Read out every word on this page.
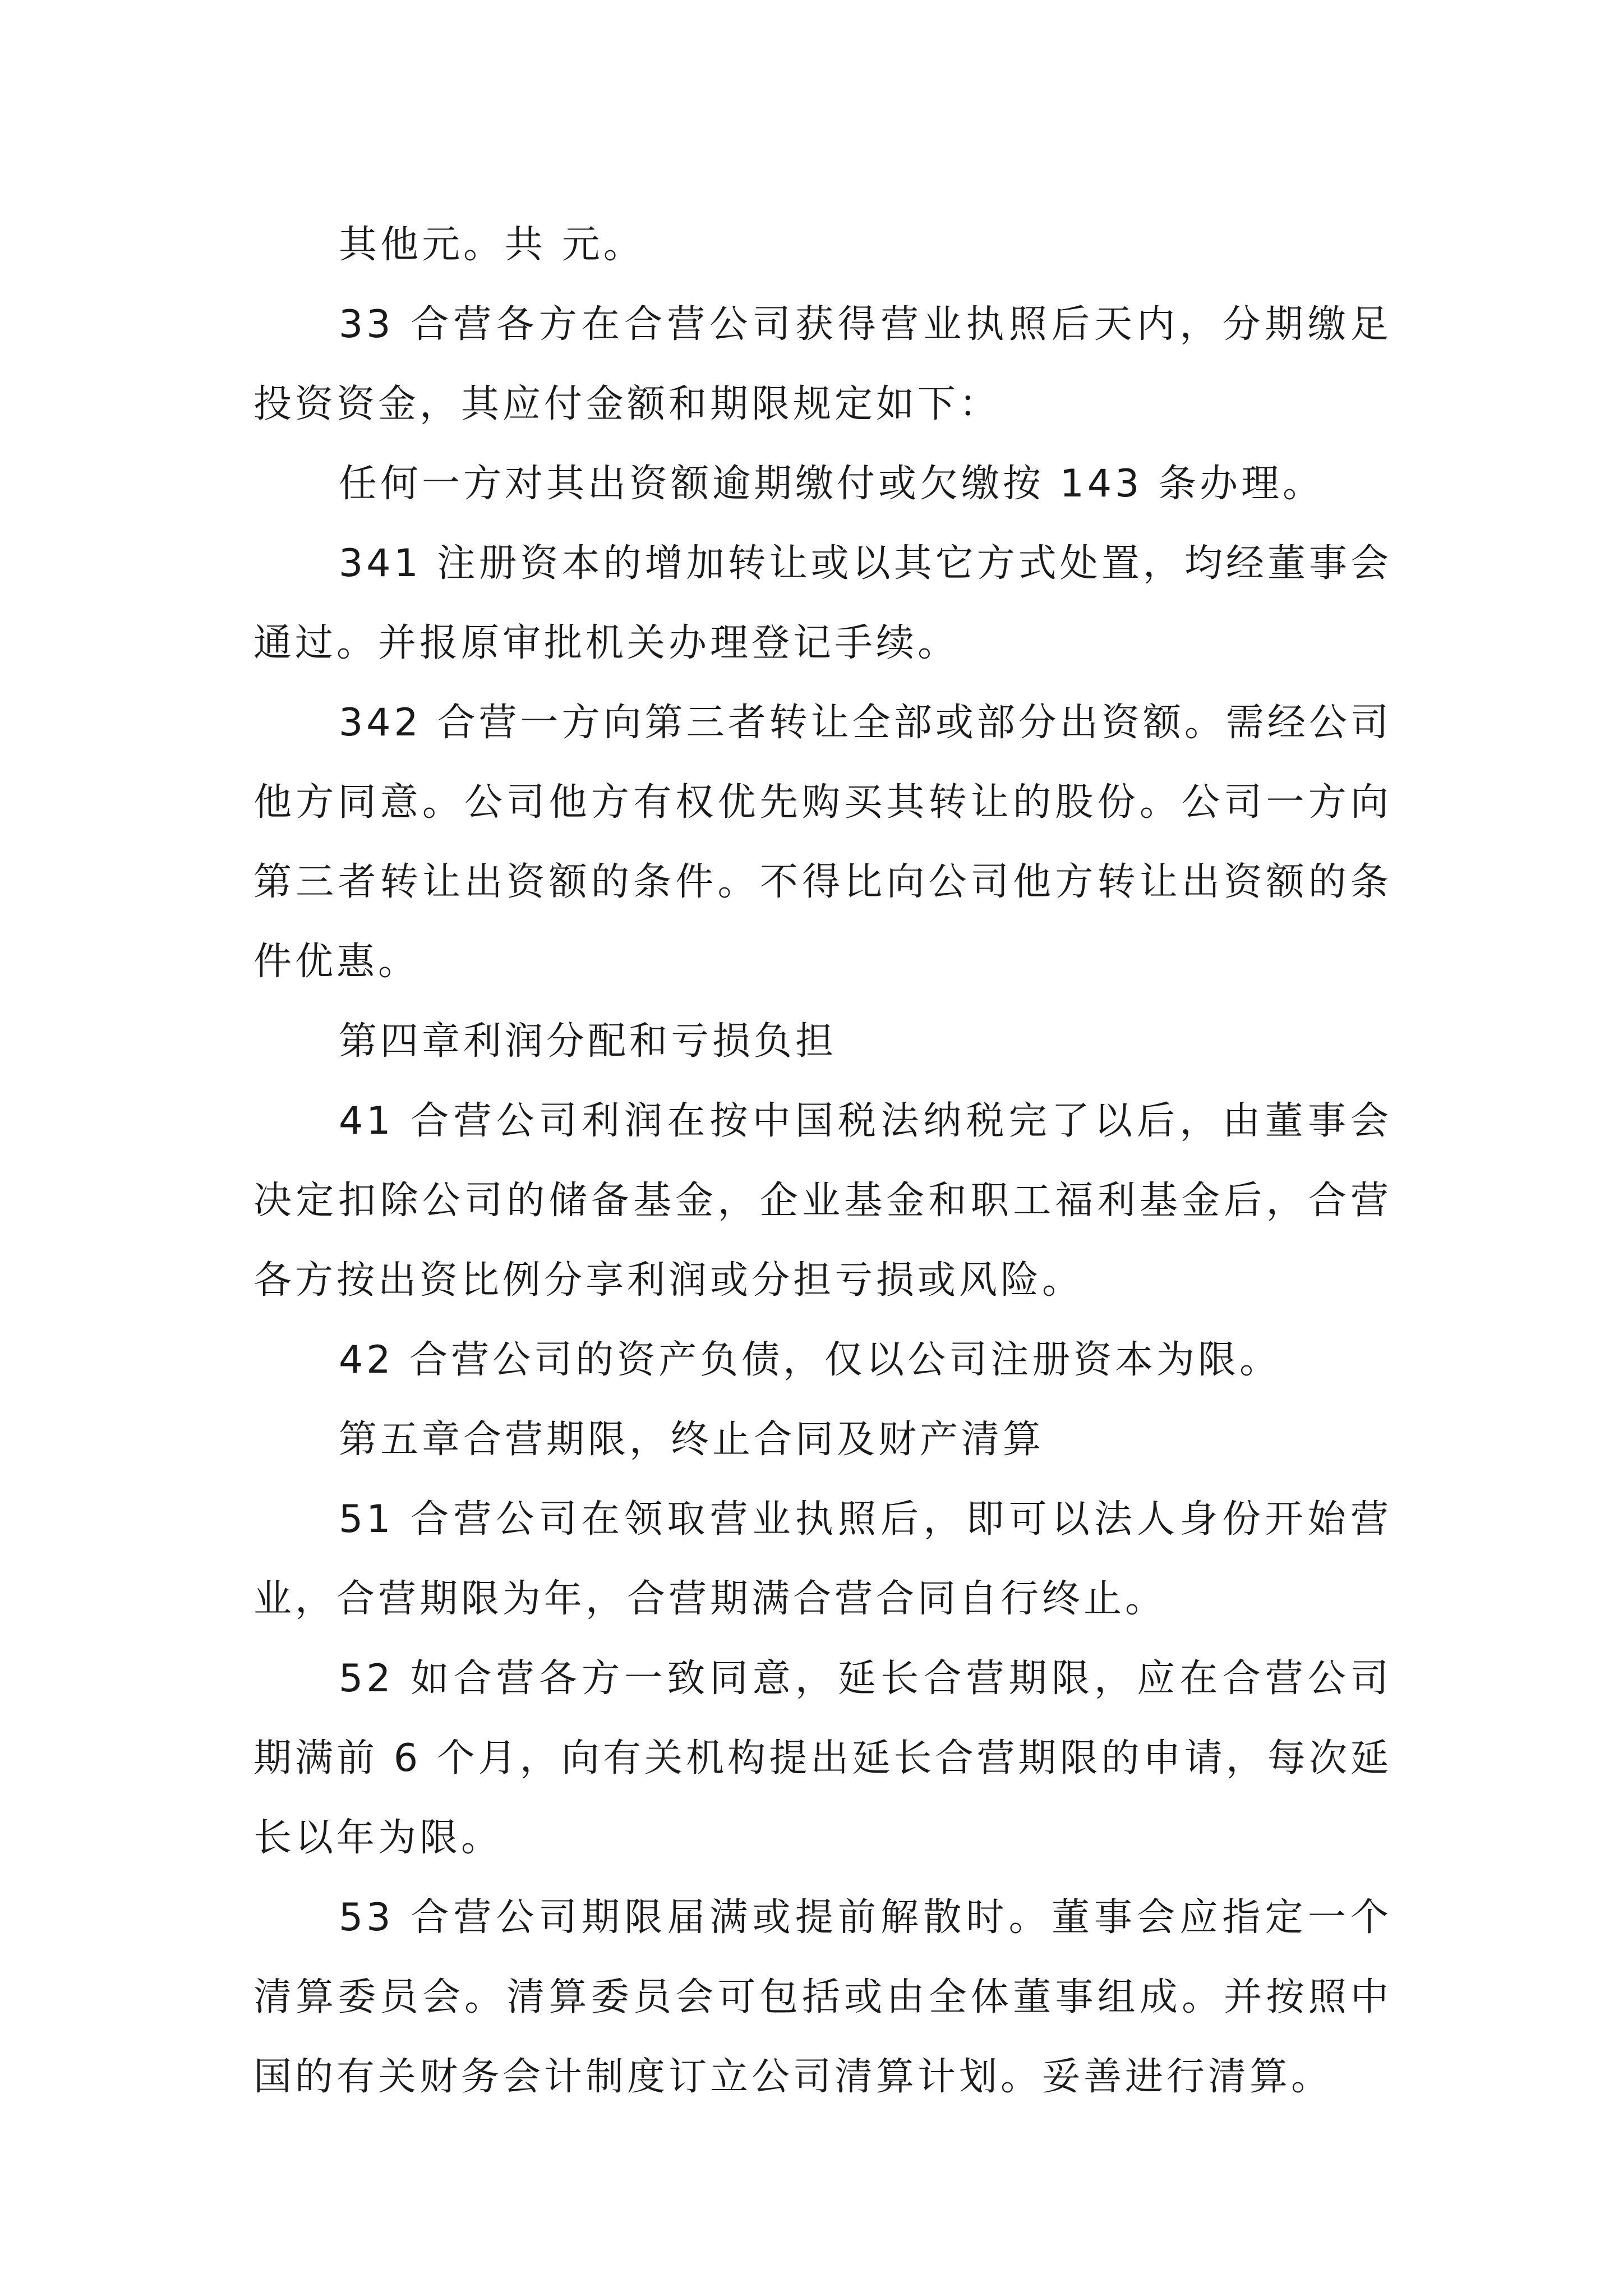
其他元。共 元。

33 合营各方在合营公司获得营业执照后天内，分期缴足投资资金，其应付金额和期限规定如下：

任何一方对其出资额逾期缴付或欠缴按 143 条办理。

341 注册资本的增加转让或以其它方式处置，均经董事会通过。并报原审批机关办理登记手续。

342 合营一方向第三者转让全部或部分出资额。需经公司他方同意。公司他方有权优先购买其转让的股份。公司一方向第三者转让出资额的条件。不得比向公司他方转让出资额的条件优惠。

第四章利润分配和亏损负担

41 合营公司利润在按中国税法纳税完了以后，由董事会决定扣除公司的储备基金，企业基金和职工福利基金后，合营各方按出资比例分享利润或分担亏损或风险。

42 合营公司的资产负债，仅以公司注册资本为限。

第五章合营期限，终止合同及财产清算

51 合营公司在领取营业执照后，即可以法人身份开始营业，合营期限为年，合营期满合营合同自行终止。

52 如合营各方一致同意，延长合营期限，应在合营公司期满前 6 个月，向有关机构提出延长合营期限的申请，每次延长以年为限。

53 合营公司期限届满或提前解散时。董事会应指定一个清算委员会。清算委员会可包括或由全体董事组成。并按照中国的有关财务会计制度订立公司清算计划。妥善进行清算。
